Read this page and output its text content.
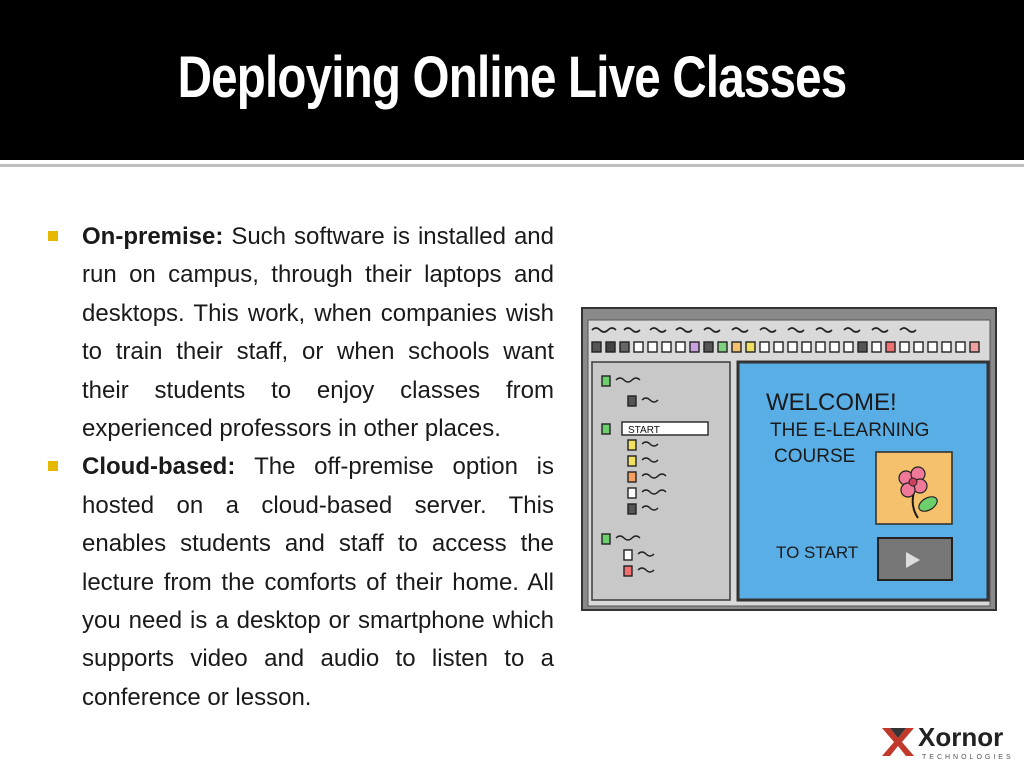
Deploying Online Live Classes
On-premise: Such software is installed and run on campus, through their laptops and desktops. This work, when companies wish to train their staff, or when schools want their students to enjoy classes from experienced professors in other places.
Cloud-based: The off-premise option is hosted on a cloud-based server. This enables students and staff to access the lecture from the comforts of their home. All you need is a desktop or smartphone which supports video and audio to listen to a conference or lesson.
START
WELCOME!
THE E-LEARNING
COURSE
TO START
Xornor
TECHNOLOGIES
